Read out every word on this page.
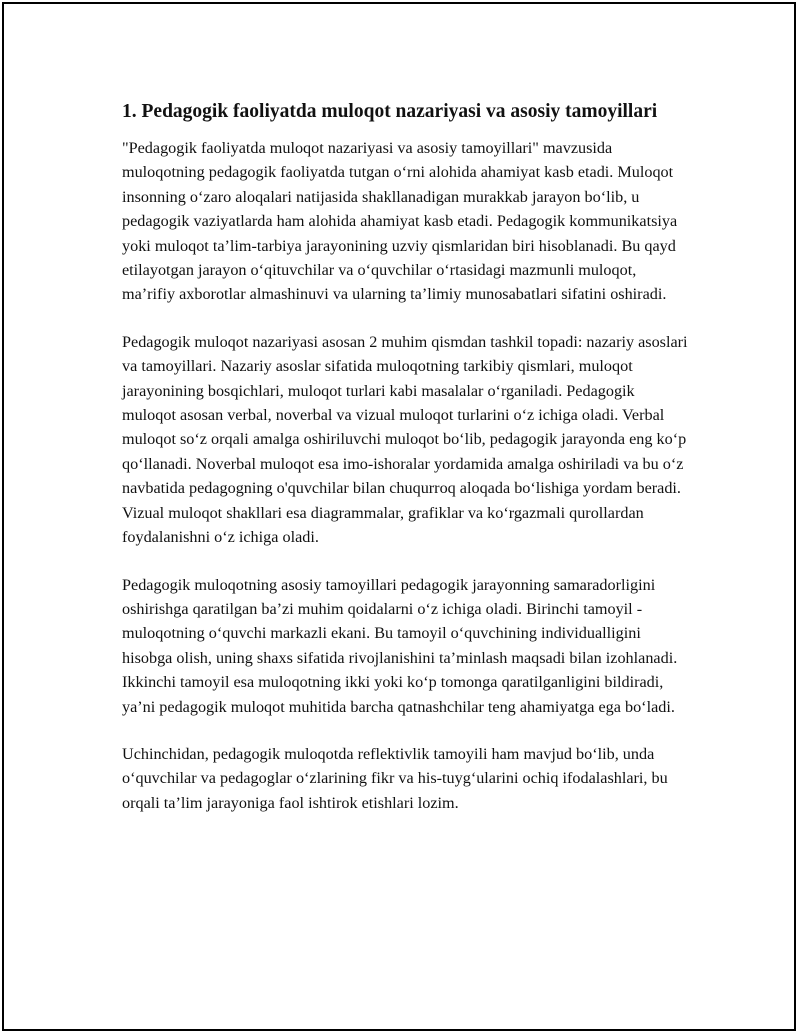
1. Pedagogik faoliyatda muloqot nazariyasi va asosiy tamoyillari

"Pedagogik faoliyatda muloqot nazariyasi va asosiy tamoyillari" mavzusida muloqotning pedagogik faoliyatda tutgan o‘rni alohida ahamiyat kasb etadi. Muloqot insonning o‘zaro aloqalari natijasida shakllanadigan murakkab jarayon bo‘lib, u pedagogik vaziyatlarda ham alohida ahamiyat kasb etadi. Pedagogik kommunikatsiya yoki muloqot ta’lim-tarbiya jarayonining uzviy qismlaridan biri hisoblanadi. Bu qayd etilayotgan jarayon o‘qituvchilar va o‘quvchilar o‘rtasidagi mazmunli muloqot, ma’rifiy axborotlar almashinuvi va ularning ta’limiy munosabatlari sifatini oshiradi.

Pedagogik muloqot nazariyasi asosan 2 muhim qismdan tashkil topadi: nazariy asoslari va tamoyillari. Nazariy asoslar sifatida muloqotning tarkibiy qismlari, muloqot jarayonining bosqichlari, muloqot turlari kabi masalalar o‘rganiladi. Pedagogik muloqot asosan verbal, noverbal va vizual muloqot turlarini o‘z ichiga oladi. Verbal muloqot so‘z orqali amalga oshiriluvchi muloqot bo‘lib, pedagogik jarayonda eng ko‘p qo‘llanadi. Noverbal muloqot esa imo-ishoralar yordamida amalga oshiriladi va bu o‘z navbatida pedagogning o'quvchilar bilan chuqurroq aloqada bo‘lishiga yordam beradi. Vizual muloqot shakllari esa diagrammalar, grafiklar va ko‘rgazmali qurollardan foydalanishni o‘z ichiga oladi.

Pedagogik muloqotning asosiy tamoyillari pedagogik jarayonning samaradorligini oshirishga qaratilgan ba’zi muhim qoidalarni o‘z ichiga oladi. Birinchi tamoyil - muloqotning o‘quvchi markazli ekani. Bu tamoyil o‘quvchining individualligini hisobga olish, uning shaxs sifatida rivojlanishini ta’minlash maqsadi bilan izohlanadi. Ikkinchi tamoyil esa muloqotning ikki yoki ko‘p tomonga qaratilganligini bildiradi, ya’ni pedagogik muloqot muhitida barcha qatnashchilar teng ahamiyatga ega bo‘ladi.

Uchinchidan, pedagogik muloqotda reflektivlik tamoyili ham mavjud bo‘lib, unda o‘quvchilar va pedagoglar o‘zlarining fikr va his-tuyg‘ularini ochiq ifodalashlari, bu orqali ta’lim jarayoniga faol ishtirok etishlari lozim.
